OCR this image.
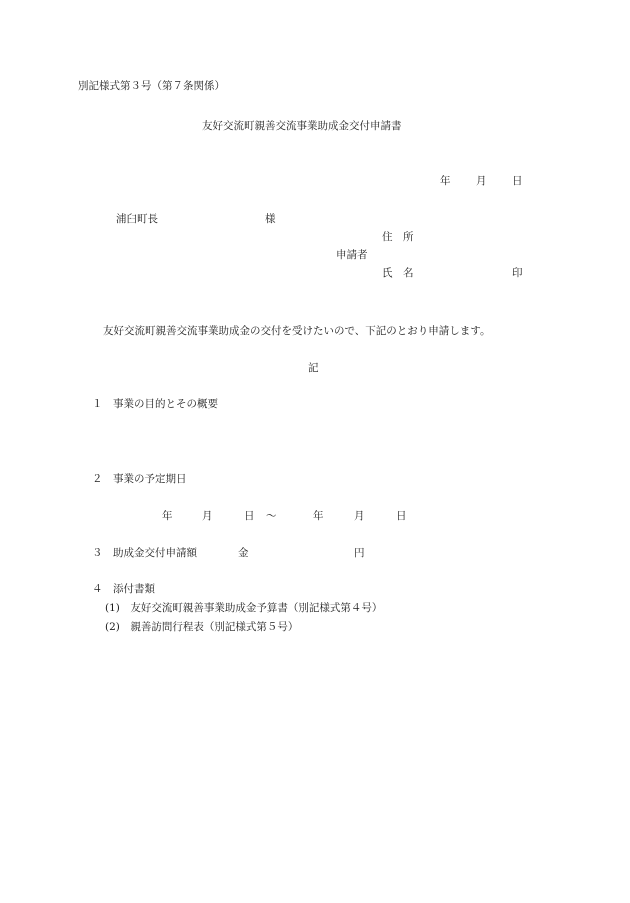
別記様式第３号（第７条関係）
友好交流町親善交流事業助成金交付申請書
年 月 日
浦臼町長	様
住　所
申請者
氏　名	印
友好交流町親善交流事業助成金の交付を受けたいので、下記のとおり申請します。
記
１　事業の目的とその概要
２　事業の予定期日
年	月	日 ～	年	月	日
３　助成金交付申請額	金	円
４　添付書類
(1)　友好交流町親善事業助成金予算書（別記様式第４号）
(2)　親善訪問行程表（別記様式第５号）
